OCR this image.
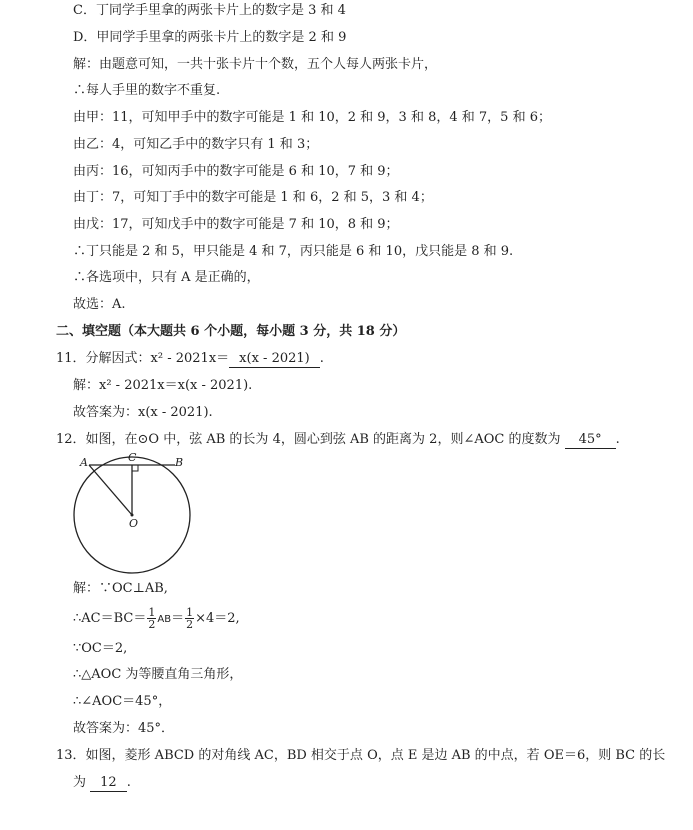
C．丁同学手里拿的两张卡片上的数字是 3 和 4
D．甲同学手里拿的两张卡片上的数字是 2 和 9
解：由题意可知，一共十张卡片十个数，五个人每人两张卡片，
∴每人手里的数字不重复.
由甲：11，可知甲手中的数字可能是 1 和 10，2 和 9，3 和 8，4 和 7，5 和 6；
由乙：4，可知乙手中的数字只有 1 和 3；
由丙：16，可知丙手中的数字可能是 6 和 10，7 和 9；
由丁：7，可知丁手中的数字可能是 1 和 6，2 和 5，3 和 4；
由戊：17，可知戊手中的数字可能是 7 和 10，8 和 9；
∴丁只能是 2 和 5，甲只能是 4 和 7，丙只能是 6 和 10，戊只能是 8 和 9.
∴各选项中，只有 A 是正确的，
故选：A.
二、填空题（本大题共 6 个小题，每小题 3 分，共 18 分）
11．分解因式：x² - 2021x＝ x(x - 2021) .
解：x² - 2021x＝x(x - 2021).
故答案为：x(x - 2021).
12．如图，在⊙O 中，弦 AB 的长为 4，圆心到弦 AB 的距离为 2，则∠AOC 的度数为 45° .
A	B
C
O
解：∵OC⊥AB,
∴AC＝BC＝ $\frac{1}{2} AB= \frac{1}{2} \times 4=2$,
∵OC＝2,
∴△AOC 为等腰直角三角形，
∴∠AOC＝45°，
故答案为：45°．
13．如图，菱形 ABCD 的对角线 AC，BD 相交于点 O，点 E 是边 AB 的中点，若 OE＝6，则 BC 的长
为 12 .
